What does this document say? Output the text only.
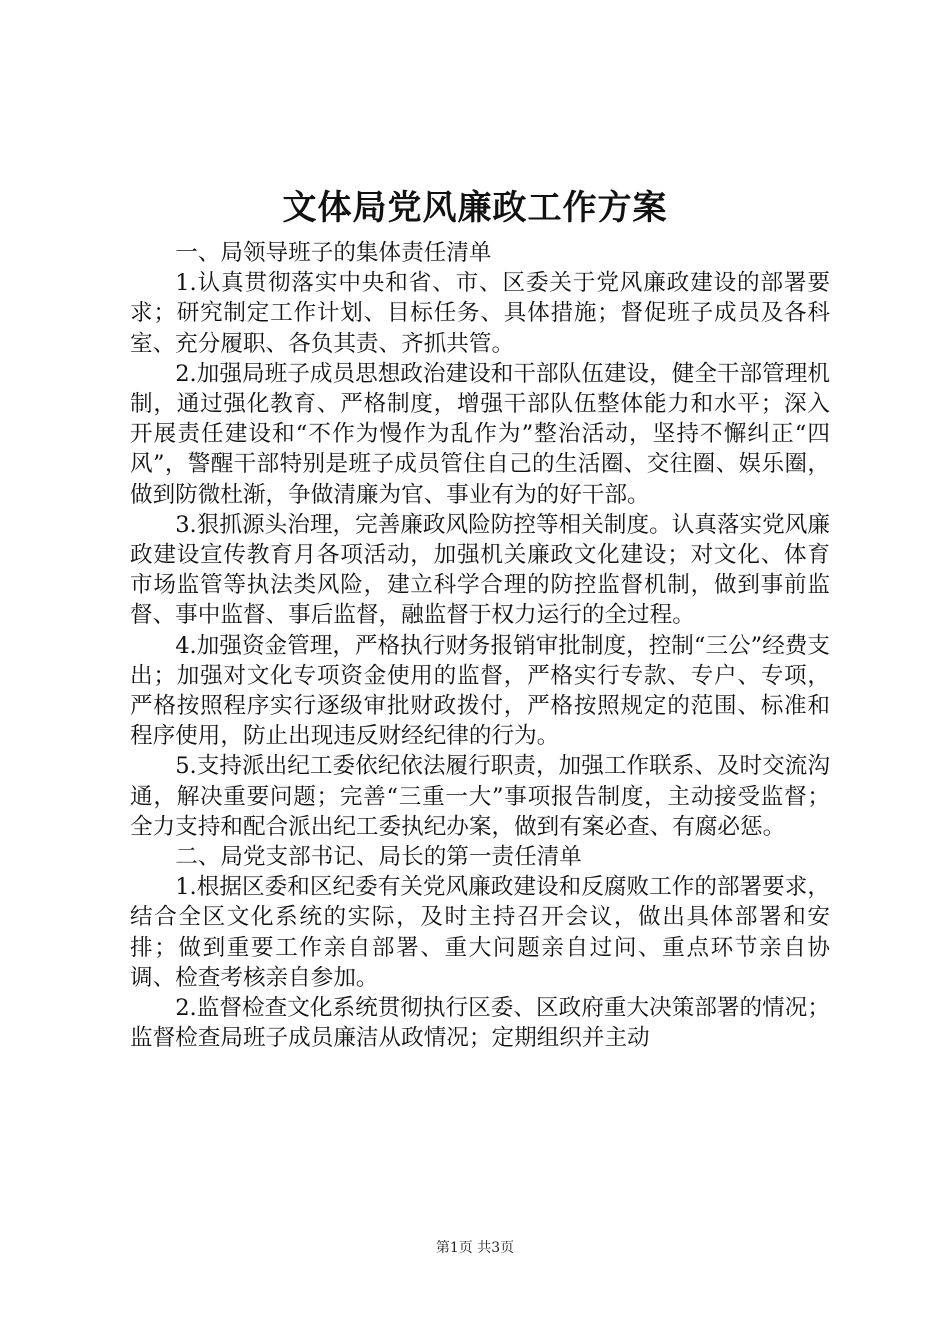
文体局党风廉政工作方案

一、局领导班子的集体责任清单

1.认真贯彻落实中央和省、市、区委关于党风廉政建设的部署要求；研究制定工作计划、目标任务、具体措施；督促班子成员及各科室、充分履职、各负其责、齐抓共管。

2.加强局班子成员思想政治建设和干部队伍建设，健全干部管理机制，通过强化教育、严格制度，增强干部队伍整体能力和水平；深入开展责任建设和“不作为慢作为乱作为”整治活动，坚持不懈纠正“四风”，警醒干部特别是班子成员管住自己的生活圈、交往圈、娱乐圈，做到防微杜渐，争做清廉为官、事业有为的好干部。

3.狠抓源头治理，完善廉政风险防控等相关制度。认真落实党风廉政建设宣传教育月各项活动，加强机关廉政文化建设；对文化、体育市场监管等执法类风险，建立科学合理的防控监督机制，做到事前监督、事中监督、事后监督，融监督于权力运行的全过程。

4.加强资金管理，严格执行财务报销审批制度，控制“三公”经费支出；加强对文化专项资金使用的监督，严格实行专款、专户、专项，严格按照程序实行逐级审批财政拨付，严格按照规定的范围、标准和程序使用，防止出现违反财经纪律的行为。

5.支持派出纪工委依纪依法履行职责，加强工作联系、及时交流沟通，解决重要问题；完善“三重一大”事项报告制度，主动接受监督；全力支持和配合派出纪工委执纪办案，做到有案必查、有腐必惩。

二、局党支部书记、局长的第一责任清单

1.根据区委和区纪委有关党风廉政建设和反腐败工作的部署要求，结合全区文化系统的实际，及时主持召开会议，做出具体部署和安排；做到重要工作亲自部署、重大问题亲自过问、重点环节亲自协调、检查考核亲自参加。

2.监督检查文化系统贯彻执行区委、区政府重大决策部署的情况；监督检查局班子成员廉洁从政情况；定期组织并主动

第1页 共3页
